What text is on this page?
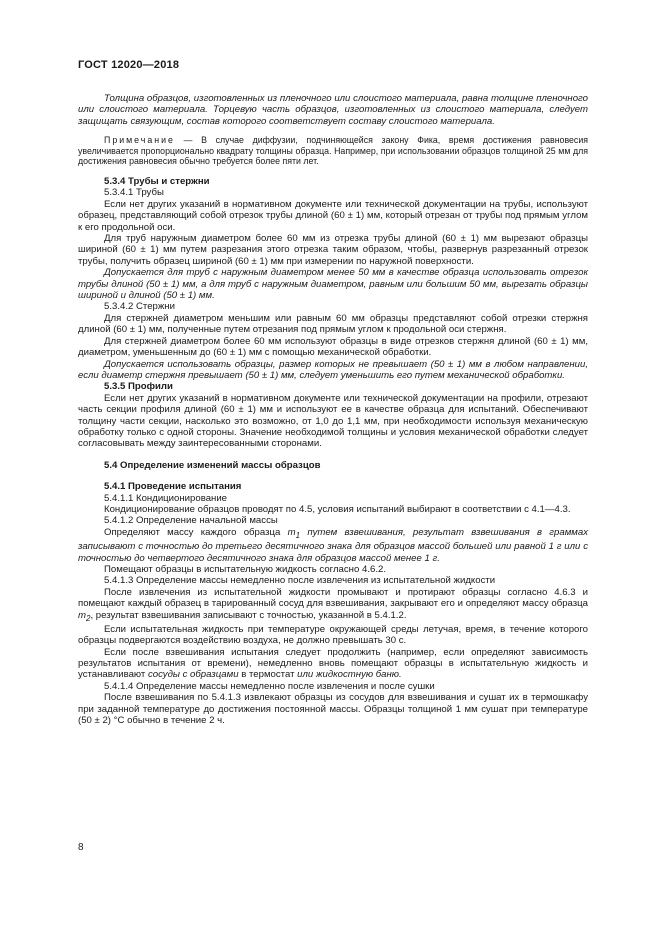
ГОСТ 12020—2018

Толщина образцов, изготовленных из пленочного или слоистого материала, равна толщине пленочного или слоистого материала. Торцевую часть образцов, изготовленных из слоистого материала, следует защищать связующим, состав которого соответствует составу слоистого материала.

Примечание — В случае диффузии, подчиняющейся закону Фика, время достижения равновесия увеличивается пропорционально квадрату толщины образца. Например, при использовании образцов толщиной 25 мм для достижения равновесия обычно требуется более пяти лет.

5.3.4 Трубы и стержни

5.3.4.1 Трубы

Если нет других указаний в нормативном документе или технической документации на трубы, используют образец, представляющий собой отрезок трубы длиной (60 ± 1) мм, который отрезан от трубы под прямым углом к его продольной оси.

Для труб наружным диаметром более 60 мм из отрезка трубы длиной (60 ± 1) мм вырезают образцы шириной (60 ± 1) мм путем разрезания этого отрезка таким образом, чтобы, развернув разрезанный отрезок трубы, получить образец шириной (60 ± 1) мм при измерении по наружной поверхности.

Допускается для труб с наружным диаметром менее 50 мм в качестве образца использовать отрезок трубы длиной (50 ± 1) мм, а для труб с наружным диаметром, равным или большим 50 мм, вырезать образцы шириной и длиной (50 ± 1) мм.

5.3.4.2 Стержни

Для стержней диаметром меньшим или равным 60 мм образцы представляют собой отрезки стержня длиной (60 ± 1) мм, полученные путем отрезания под прямым углом к продольной оси стержня.

Для стержней диаметром более 60 мм используют образцы в виде отрезков стержня длиной (60 ± 1) мм, диаметром, уменьшенным до (60 ± 1) мм с помощью механической обработки.

Допускается использовать образцы, размер которых не превышает (50 ± 1) мм в любом направлении, если диаметр стержня превышает (50 ± 1) мм, следует уменьшить его путем механической обработки.

5.3.5 Профили

Если нет других указаний в нормативном документе или технической документации на профили, отрезают часть секции профиля длиной (60 ± 1) мм и используют ее в качестве образца для испытаний. Обеспечивают толщину части секции, насколько это возможно, от 1,0 до 1,1 мм, при необходимости используя механическую обработку только с одной стороны. Значение необходимой толщины и условия механической обработки следует согласовывать между заинтересованными сторонами.

5.4 Определение изменений массы образцов

5.4.1 Проведение испытания

5.4.1.1 Кондиционирование

Кондиционирование образцов проводят по 4.5, условия испытаний выбирают в соответствии с 4.1—4.3.

5.4.1.2 Определение начальной массы

Определяют массу каждого образца $m_1$ путем взвешивания, результат взвешивания в граммах записывают с точностью до третьего десятичного знака для образцов массой большей или равной 1 г или с точностью до четвертого десятичного знака для образцов массой менее 1 г.

Помещают образцы в испытательную жидкость согласно 4.6.2.

5.4.1.3 Определение массы немедленно после извлечения из испытательной жидкости

После извлечения из испытательной жидкости промывают и протирают образцы согласно 4.6.3 и помещают каждый образец в тарированный сосуд для взвешивания, закрывают его и определяют массу образца $m_2$, результат взвешивания записывают с точностью, указанной в 5.4.1.2.

Если испытательная жидкость при температуре окружающей среды летучая, время, в течение которого образцы подвергаются воздействию воздуха, не должно превышать 30 с.

Если после взвешивания испытания следует продолжить (например, если определяют зависимость результатов испытания от времени), немедленно вновь помещают образцы в испытательную жидкость и устанавливают сосуды с образцами в термостат или жидкостную баню.

5.4.1.4 Определение массы немедленно после извлечения и после сушки

После взвешивания по 5.4.1.3 извлекают образцы из сосудов для взвешивания и сушат их в термошкафу при заданной температуре до достижения постоянной массы. Образцы толщиной 1 мм сушат при температуре (50 ± 2) °С обычно в течение 2 ч.

8
